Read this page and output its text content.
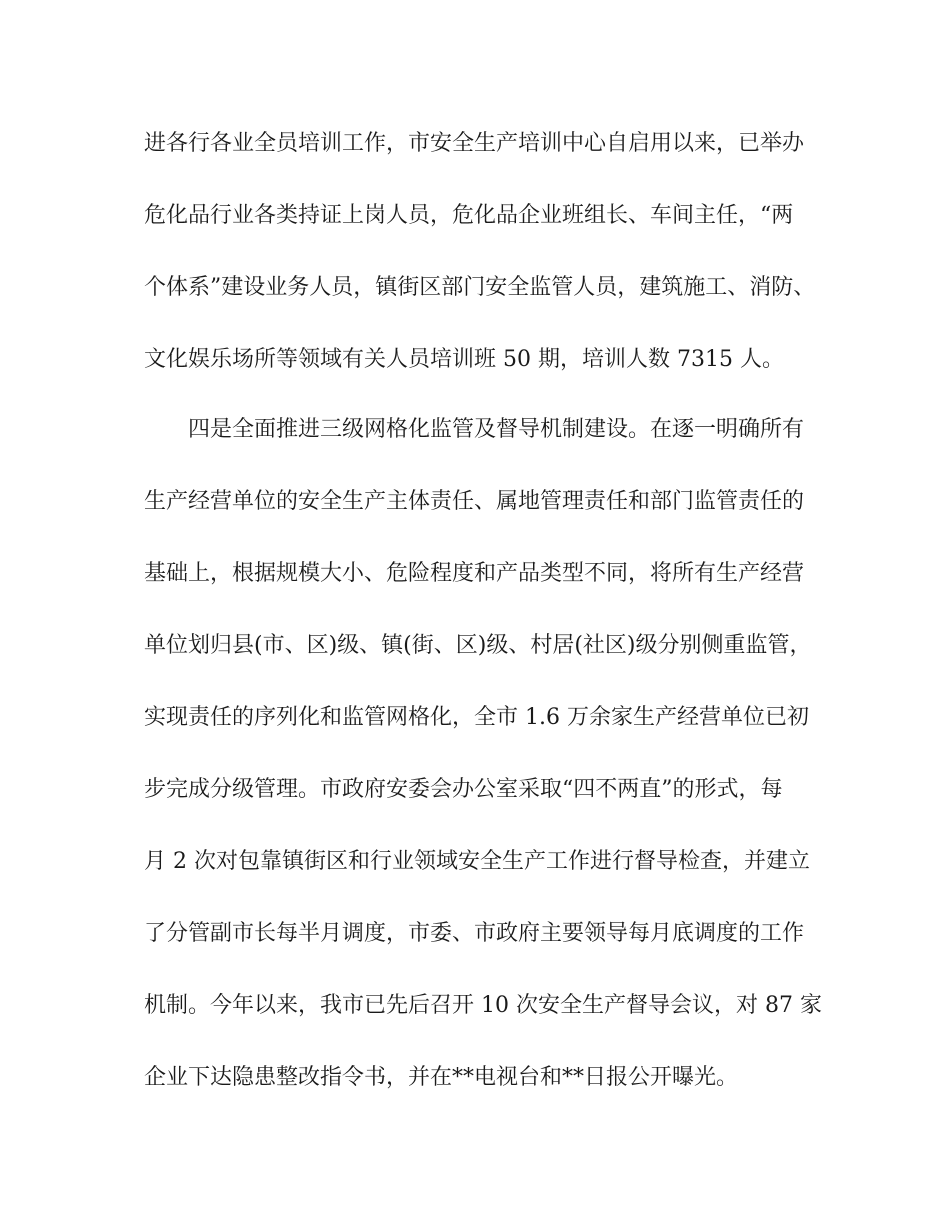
进各行各业全员培训工作，市安全生产培训中心自启用以来，已举办
危化品行业各类持证上岗人员，危化品企业班组长、车间主任，“两
个体系”建设业务人员，镇街区部门安全监管人员，建筑施工、消防、
文化娱乐场所等领域有关人员培训班 50 期，培训人数 7315 人。
四是全面推进三级网格化监管及督导机制建设。在逐一明确所有
生产经营单位的安全生产主体责任、属地管理责任和部门监管责任的
基础上，根据规模大小、危险程度和产品类型不同，将所有生产经营
单位划归县(市、区)级、镇(街、区)级、村居(社区)级分别侧重监管，
实现责任的序列化和监管网格化，全市 1.6 万余家生产经营单位已初
步完成分级管理。市政府安委会办公室采取“四不两直”的形式，每
月 2 次对包靠镇街区和行业领域安全生产工作进行督导检查，并建立
了分管副市长每半月调度，市委、市政府主要领导每月底调度的工作
机制。今年以来，我市已先后召开 10 次安全生产督导会议，对 87 家
企业下达隐患整改指令书，并在**电视台和**日报公开曝光。
